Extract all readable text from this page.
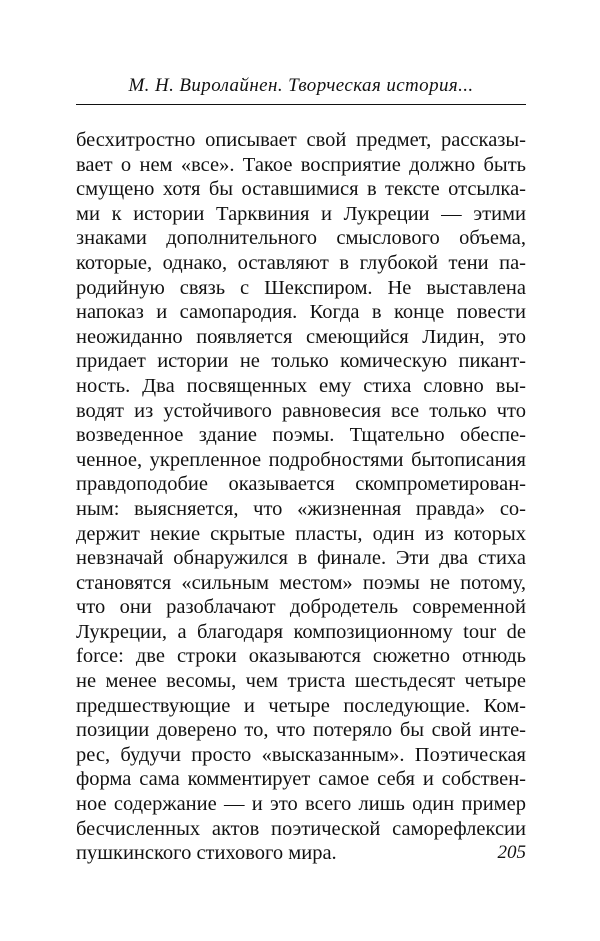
М. Н. Виролайнен. Творческая история...
бесхитростно описывает свой предмет, рассказы-
вает о нем «все». Такое восприятие должно быть
смущено хотя бы оставшимися в тексте отсылка-
ми к истории Тарквиния и Лукреции — этими
знаками дополнительного смыслового объема,
которые, однако, оставляют в глубокой тени па-
родийную связь с Шекспиром. Не выставлена
напоказ и самопародия. Когда в конце повести
неожиданно появляется смеющийся Лидин, это
придает истории не только комическую пикант-
ность. Два посвященных ему стиха словно вы-
водят из устойчивого равновесия все только что
возведенное здание поэмы. Тщательно обеспе-
ченное, укрепленное подробностями бытописания
правдоподобие оказывается скомпрометирован-
ным: выясняется, что «жизненная правда» со-
держит некие скрытые пласты, один из которых
невзначай обнаружился в финале. Эти два стиха
становятся «сильным местом» поэмы не потому,
что они разоблачают добродетель современной
Лукреции, а благодаря композиционному tour de
force: две строки оказываются сюжетно отнюдь
не менее весомы, чем триста шестьдесят четыре
предшествующие и четыре последующие. Ком-
позиции доверено то, что потеряло бы свой инте-
рес, будучи просто «высказанным». Поэтическая
форма сама комментирует самое себя и собствен-
ное содержание — и это всего лишь один пример
бесчисленных актов поэтической саморефлексии
пушкинского стихового мира.	205
